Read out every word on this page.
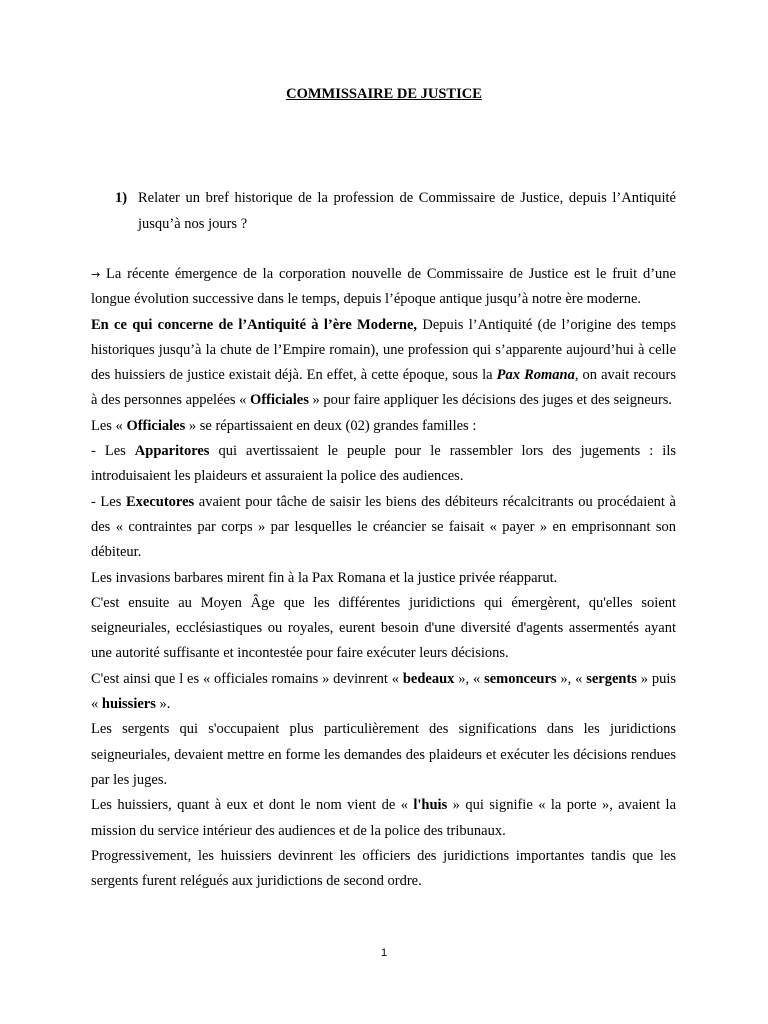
COMMISSAIRE DE JUSTICE
1) Relater un bref historique de la profession de Commissaire de Justice, depuis l’Antiquité jusqu’à nos jours ?

→ La récente émergence de la corporation nouvelle de Commissaire de Justice est le fruit d’une longue évolution successive dans le temps, depuis l’époque antique jusqu’à notre ère moderne.

En ce qui concerne de l’Antiquité à l’ère Moderne, Depuis l’Antiquité (de l’origine des temps historiques jusqu’à la chute de l’Empire romain), une profession qui s’apparente aujourd’hui à celle des huissiers de justice existait déjà. En effet, à cette époque, sous la Pax Romana, on avait recours à des personnes appelées « Officiales » pour faire appliquer les décisions des juges et des seigneurs.

Les « Officiales » se répartissaient en deux (02) grandes familles :

- Les Apparitores qui avertissaient le peuple pour le rassembler lors des jugements : ils introduisaient les plaideurs et assuraient la police des audiences.

- Les Executores avaient pour tâche de saisir les biens des débiteurs récalcitrants ou procédaient à des « contraintes par corps » par lesquelles le créancier se faisait « payer » en emprisonnant son débiteur.

Les invasions barbares mirent fin à la Pax Romana et la justice privée réapparut.

C'est ensuite au Moyen Âge que les différentes juridictions qui émergèrent, qu'elles soient seigneuriales, ecclésiastiques ou royales, eurent besoin d'une diversité d'agents assermentés ayant une autorité suffisante et incontestée pour faire exécuter leurs décisions.

C'est ainsi que l es « officiales romains » devinrent « bedeaux », « semonceurs », « sergents » puis « huissiers ».

Les sergents qui s'occupaient plus particulièrement des significations dans les juridictions seigneuriales, devaient mettre en forme les demandes des plaideurs et exécuter les décisions rendues par les juges.

Les huissiers, quant à eux et dont le nom vient de « l'huis » qui signifie « la porte », avaient la mission du service intérieur des audiences et de la police des tribunaux.

Progressivement, les huissiers devinrent les officiers des juridictions importantes tandis que les sergents furent relégués aux juridictions de second ordre.

1
